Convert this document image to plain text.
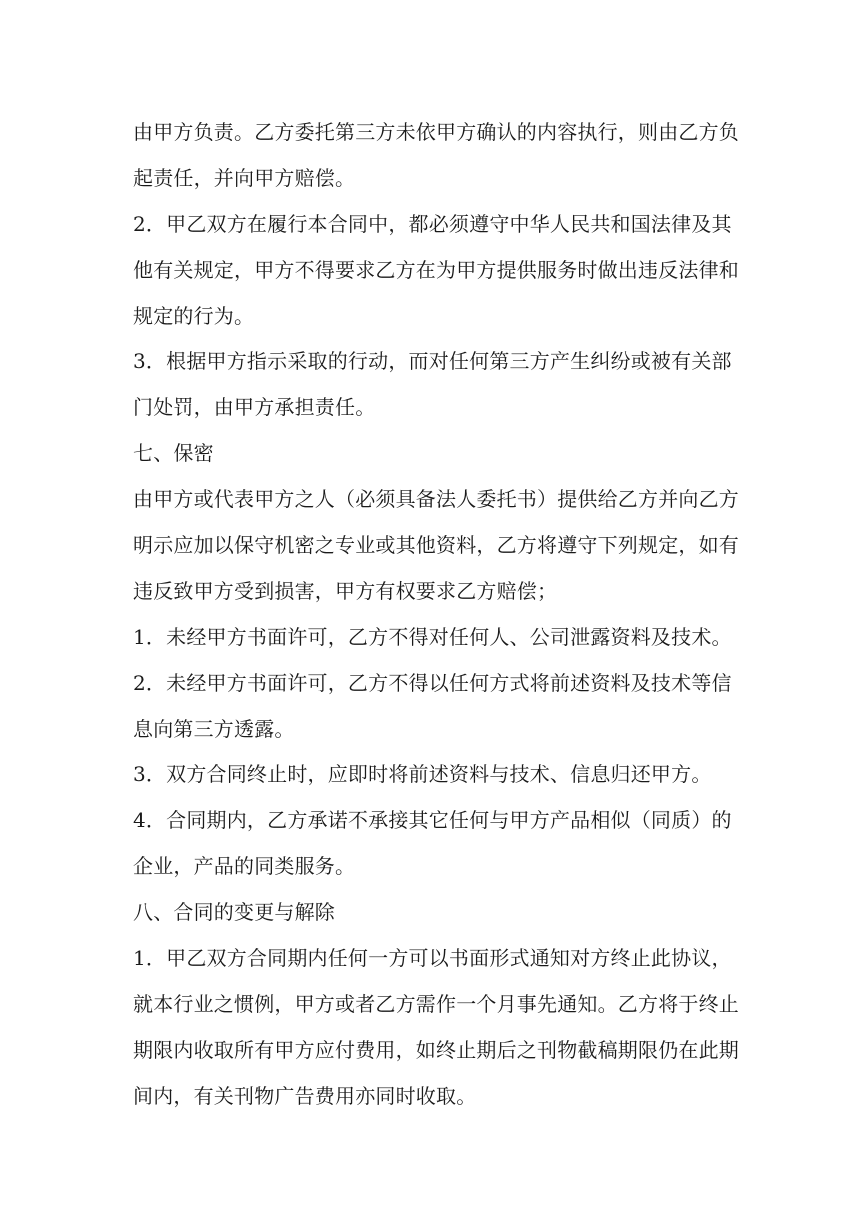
由甲方负责。乙方委托第三方未依甲方确认的内容执行，则由乙方负
起责任，并向甲方赔偿。
2．甲乙双方在履行本合同中，都必须遵守中华人民共和国法律及其
他有关规定，甲方不得要求乙方在为甲方提供服务时做出违反法律和
规定的行为。
3．根据甲方指示采取的行动，而对任何第三方产生纠纷或被有关部
门处罚，由甲方承担责任。
七、保密
由甲方或代表甲方之人（必须具备法人委托书）提供给乙方并向乙方
明示应加以保守机密之专业或其他资料，乙方将遵守下列规定，如有
违反致甲方受到损害，甲方有权要求乙方赔偿；
1．未经甲方书面许可，乙方不得对任何人、公司泄露资料及技术。
2．未经甲方书面许可，乙方不得以任何方式将前述资料及技术等信
息向第三方透露。
3．双方合同终止时，应即时将前述资料与技术、信息归还甲方。
4．合同期内，乙方承诺不承接其它任何与甲方产品相似（同质）的
企业，产品的同类服务。
八、合同的变更与解除
1．甲乙双方合同期内任何一方可以书面形式通知对方终止此协议，
就本行业之惯例，甲方或者乙方需作一个月事先通知。乙方将于终止
期限内收取所有甲方应付费用，如终止期后之刊物截稿期限仍在此期
间内，有关刊物广告费用亦同时收取。
